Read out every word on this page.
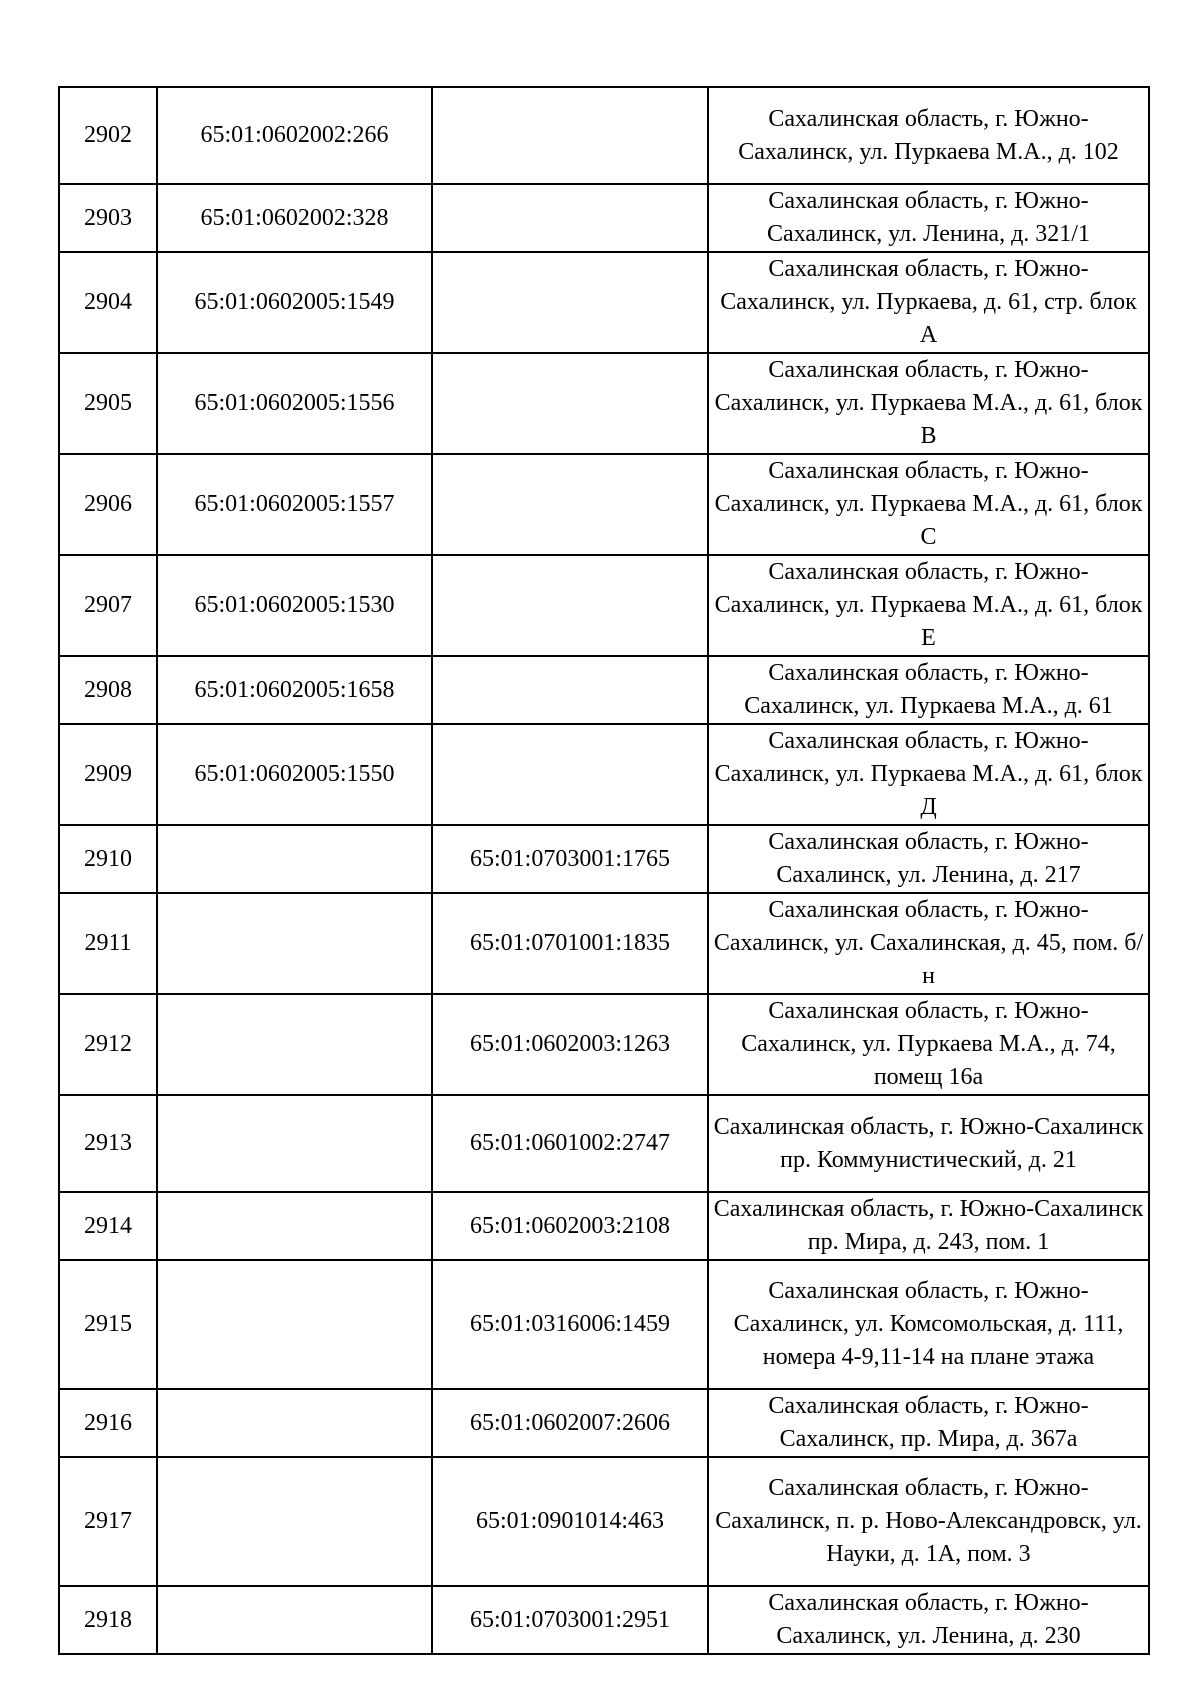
2902	65:01:0602002:266		Сахалинская область, г. Южно-Сахалинск, ул. Пуркаева М.А., д. 102
2903	65:01:0602002:328		Сахалинская область, г. Южно-Сахалинск, ул. Ленина, д. 321/1
2904	65:01:0602005:1549		Сахалинская область, г. Южно-Сахалинск, ул. Пуркаева, д. 61, стр. блок А
2905	65:01:0602005:1556		Сахалинская область, г. Южно-Сахалинск, ул. Пуркаева М.А., д. 61, блок В
2906	65:01:0602005:1557		Сахалинская область, г. Южно-Сахалинск, ул. Пуркаева М.А., д. 61, блок С
2907	65:01:0602005:1530		Сахалинская область, г. Южно-Сахалинск, ул. Пуркаева М.А., д. 61, блок Е
2908	65:01:0602005:1658		Сахалинская область, г. Южно-Сахалинск, ул. Пуркаева М.А., д. 61
2909	65:01:0602005:1550		Сахалинская область, г. Южно-Сахалинск, ул. Пуркаева М.А., д. 61, блок Д
2910		65:01:0703001:1765	Сахалинская область, г. Южно-Сахалинск, ул. Ленина, д. 217
2911		65:01:0701001:1835	Сахалинская область, г. Южно-Сахалинск, ул. Сахалинская, д. 45, пом. б/н
2912		65:01:0602003:1263	Сахалинская область, г. Южно-Сахалинск, ул. Пуркаева М.А., д. 74, помещ 16а
2913		65:01:0601002:2747	Сахалинская область, г. Южно-Сахалинск пр. Коммунистический, д. 21
2914		65:01:0602003:2108	Сахалинская область, г. Южно-Сахалинск пр. Мира, д. 243, пом. 1
2915		65:01:0316006:1459	Сахалинская область, г. Южно-Сахалинск, ул. Комсомольская, д. 111, номера 4-9,11-14 на плане этажа
2916		65:01:0602007:2606	Сахалинская область, г. Южно-Сахалинск, пр. Мира, д. 367а
2917		65:01:0901014:463	Сахалинская область, г. Южно-Сахалинск, п. р. Ново-Александровск, ул. Науки, д. 1А, пом. 3
2918		65:01:0703001:2951	Сахалинская область, г. Южно-Сахалинск, ул. Ленина, д. 230
